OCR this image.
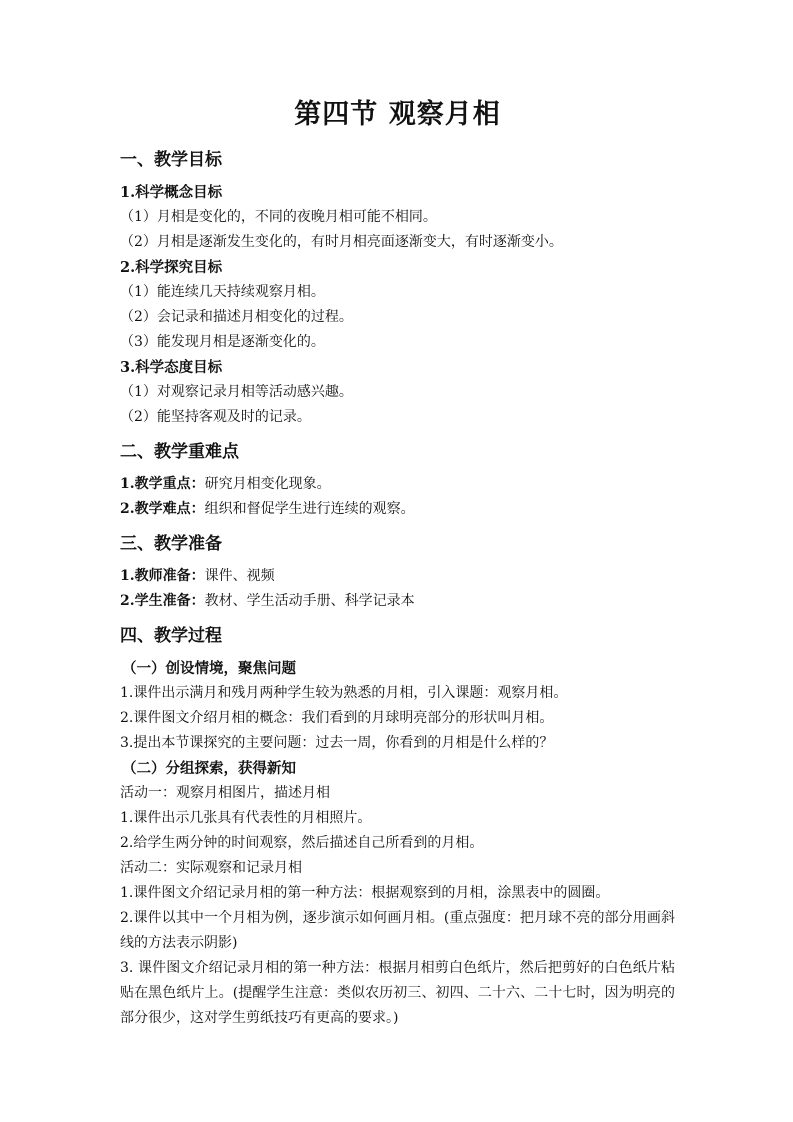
第四节 观察月相
一、教学目标
1.科学概念目标
（1）月相是变化的，不同的夜晚月相可能不相同。
（2）月相是逐渐发生变化的，有时月相亮面逐渐变大，有时逐渐变小。
2.科学探究目标
（1）能连续几天持续观察月相。
（2）会记录和描述月相变化的过程。
（3）能发现月相是逐渐变化的。
3.科学态度目标
（1）对观察记录月相等活动感兴趣。
（2）能坚持客观及时的记录。
二、教学重难点
1.教学重点：研究月相变化现象。
2.教学难点：组织和督促学生进行连续的观察。
三、教学准备
1.教师准备：课件、视频
2.学生准备：教材、学生活动手册、科学记录本
四、教学过程
（一）创设情境，聚焦问题
1.课件出示满月和残月两种学生较为熟悉的月相，引入课题：观察月相。
2.课件图文介绍月相的概念：我们看到的月球明亮部分的形状叫月相。
3.提出本节课探究的主要问题：过去一周，你看到的月相是什么样的？
（二）分组探索，获得新知
活动一：观察月相图片，描述月相
1.课件出示几张具有代表性的月相照片。
2.给学生两分钟的时间观察，然后描述自己所看到的月相。
活动二：实际观察和记录月相
1.课件图文介绍记录月相的第一种方法：根据观察到的月相，涂黑表中的圆圈。
2.课件以其中一个月相为例，逐步演示如何画月相。(重点强度：把月球不亮的部分用画斜线的方法表示阴影)
3. 课件图文介绍记录月相的第一种方法：根据月相剪白色纸片，然后把剪好的白色纸片粘贴在黑色纸片上。(提醒学生注意：类似农历初三、初四、二十六、二十七时，因为明亮的部分很少，这对学生剪纸技巧有更高的要求。)
